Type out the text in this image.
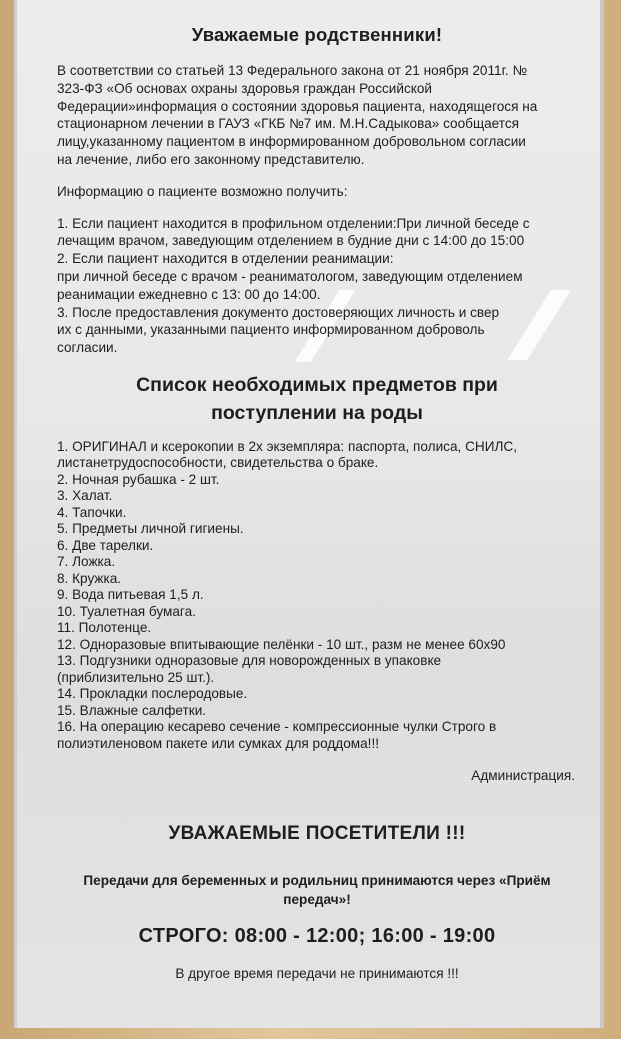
Уважаемые родственники!
В соответствии со статьей 13 Федерального закона от 21 ноября 2011г. №
323-ФЗ «Об основах охраны здоровья граждан Российской
Федерации»информация о состоянии здоровья пациента, находящегося на
стационарном лечении в ГАУЗ «ГКБ №7 им. М.Н.Садыкова» сообщается
лицу,указанному пациентом в информированном добровольном согласии
на лечение, либо его законному представителю.
Информацию о пациенте возможно получить:
1. Если пациент находится в профильном отделении:При личной беседе с
лечащим врачом, заведующим отделением в будние дни с 14:00 до 15:00
2. Если пациент находится в отделении реанимации:
при личной беседе с врачом - реаниматологом, заведующим отделением
реанимации ежедневно с 13: 00 до 14:00.
3. После предоставления документо достоверяющих личность и свер
их с данными, указанными пациенто информированном доброволь
согласии.
Список необходимых предметов при
поступлении на роды
1. ОРИГИНАЛ и ксерокопии в 2х экземпляра: паспорта, полиса, СНИЛС,
листанетрудоспособности, свидетельства о браке.
2. Ночная рубашка - 2 шт.
3. Халат.
4. Тапочки.
5. Предметы личной гигиены.
6. Две тарелки.
7. Ложка.
8. Кружка.
9. Вода питьевая 1,5 л.
10. Туалетная бумага.
11. Полотенце.
12. Одноразовые впитывающие пелёнки - 10 шт., разм не менее 60х90
13. Подгузники одноразовые для новорожденных в упаковке
(приблизительно 25 шт.).
14. Прокладки послеродовые.
15. Влажные салфетки.
16. На операцию кесарево сечение - компрессионные чулки Строго в
полиэтиленовом пакете или сумках для роддома!!!
Администрация.
УВАЖАЕМЫЕ ПОСЕТИТЕЛИ !!!
Передачи для беременных и родильниц принимаются через «Приём
передач»!
СТРОГО: 08:00 - 12:00; 16:00 - 19:00
В другое время передачи не принимаются !!!
